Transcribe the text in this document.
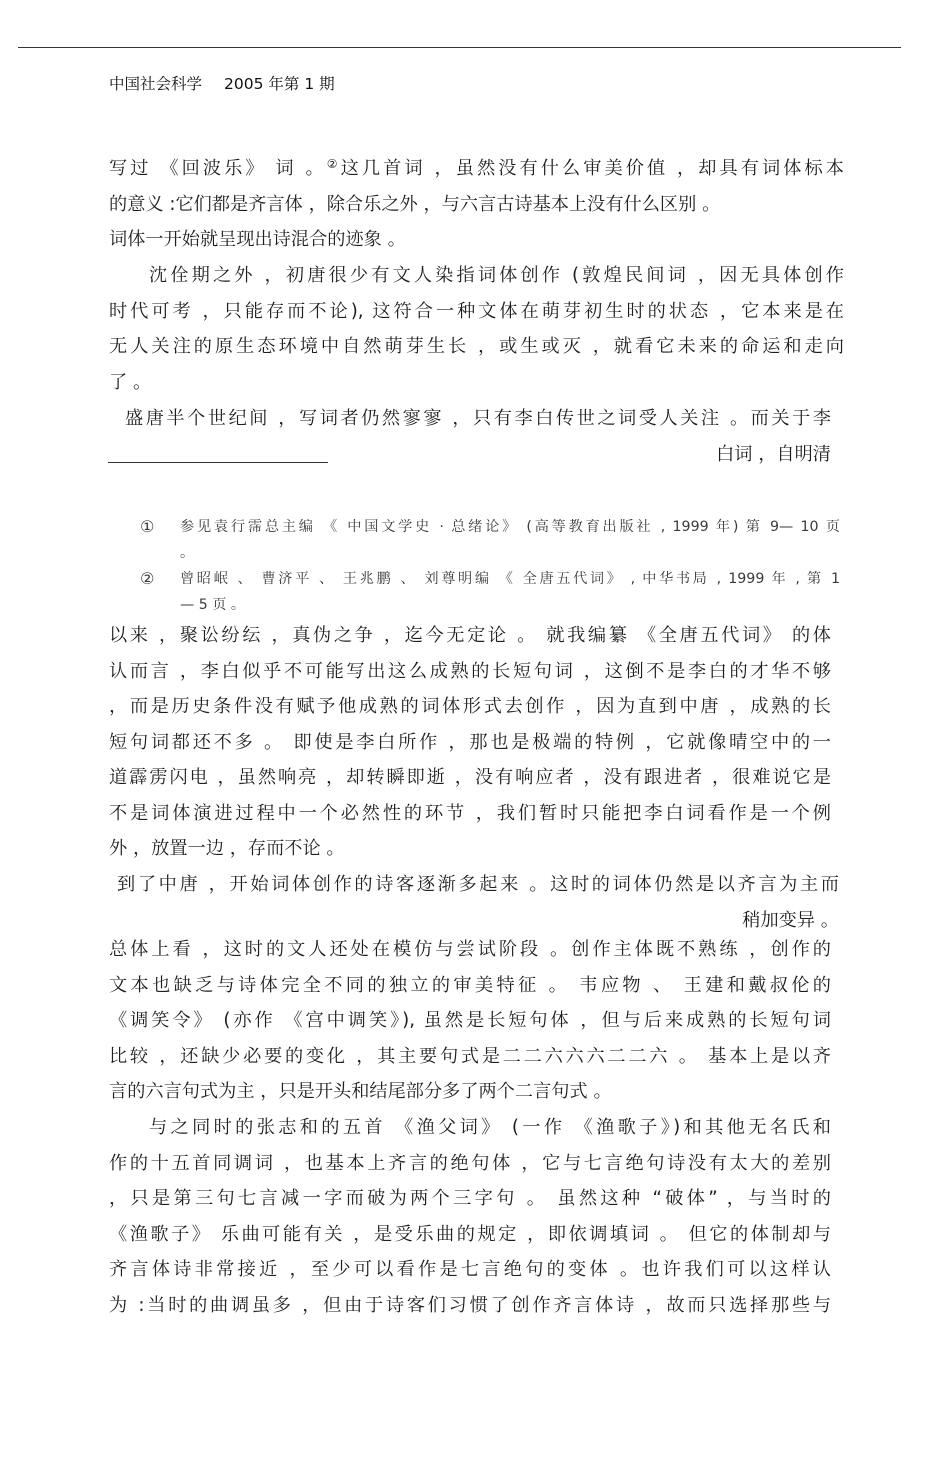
中国社会科学 2005 年第 1 期
写过 《回波乐》 词 。②这几首词 ，虽然没有什么审美价值 ，却具有词体标本
的意义 :它们都是齐言体 ，除合乐之外 ，与六言古诗基本上没有什么区别 。
词体一开始就呈现出诗混合的迹象 。
沈佺期之外 ，初唐很少有文人染指词体创作 (敦煌民间词 ，因无具体创作
时代可考 ，只能存而不论), 这符合一种文体在萌芽初生时的状态 ，它本来是在
无人关注的原生态环境中自然萌芽生长 ，或生或灭 ，就看它未来的命运和走向
了 。
盛唐半个世纪间 ，写词者仍然寥寥 ，只有李白传世之词受人关注 。而关于李
白词 ，自明清
① 参见袁行霈总主编 《 中国文学史 · 总绪论》 (高等教育出版社 , 1999 年) 第 9— 10 页
。
② 曾昭岷 、 曹济平 、 王兆鹏 、 刘尊明编 《 全唐五代词》 , 中华书局 , 1999 年 , 第 1
— 5 页 。
以来 ，聚讼纷纭 ，真伪之争 ，迄今无定论 。 就我编纂 《全唐五代词》 的体
认而言 ，李白似乎不可能写出这么成熟的长短句词 ，这倒不是李白的才华不够
，而是历史条件没有赋予他成熟的词体形式去创作 ，因为直到中唐 ，成熟的长
短句词都还不多 。 即使是李白所作 ，那也是极端的特例 ，它就像晴空中的一
道霹雳闪电 ，虽然响亮 ，却转瞬即逝 ，没有响应者 ，没有跟进者 ，很难说它是
不是词体演进过程中一个必然性的环节 ，我们暂时只能把李白词看作是一个例
外 ，放置一边 ，存而不论 。
到了中唐 ，开始词体创作的诗客逐渐多起来 。这时的词体仍然是以齐言为主而
稍加变异 。
总体上看 ，这时的文人还处在模仿与尝试阶段 。创作主体既不熟练 ，创作的
文本也缺乏与诗体完全不同的独立的审美特征 。 韦应物 、 王建和戴叔伦的
《调笑令》 (亦作 《宫中调笑》), 虽然是长短句体 ，但与后来成熟的长短句词
比较 ，还缺少必要的变化 ，其主要句式是二二六六六二二六 。 基本上是以齐
言的六言句式为主 ，只是开头和结尾部分多了两个二言句式 。
与之同时的张志和的五首 《渔父词》 (一作 《渔歌子》)和其他无名氏和
作的十五首同调词 ，也基本上齐言的绝句体 ，它与七言绝句诗没有太大的差别
，只是第三句七言减一字而破为两个三字句 。 虽然这种 “破体” ，与当时的
《渔歌子》 乐曲可能有关 ，是受乐曲的规定 ，即依调填词 。 但它的体制却与
齐言体诗非常接近 ，至少可以看作是七言绝句的变体 。也许我们可以这样认
为 :当时的曲调虽多 ，但由于诗客们习惯了创作齐言体诗 ，故而只选择那些与
